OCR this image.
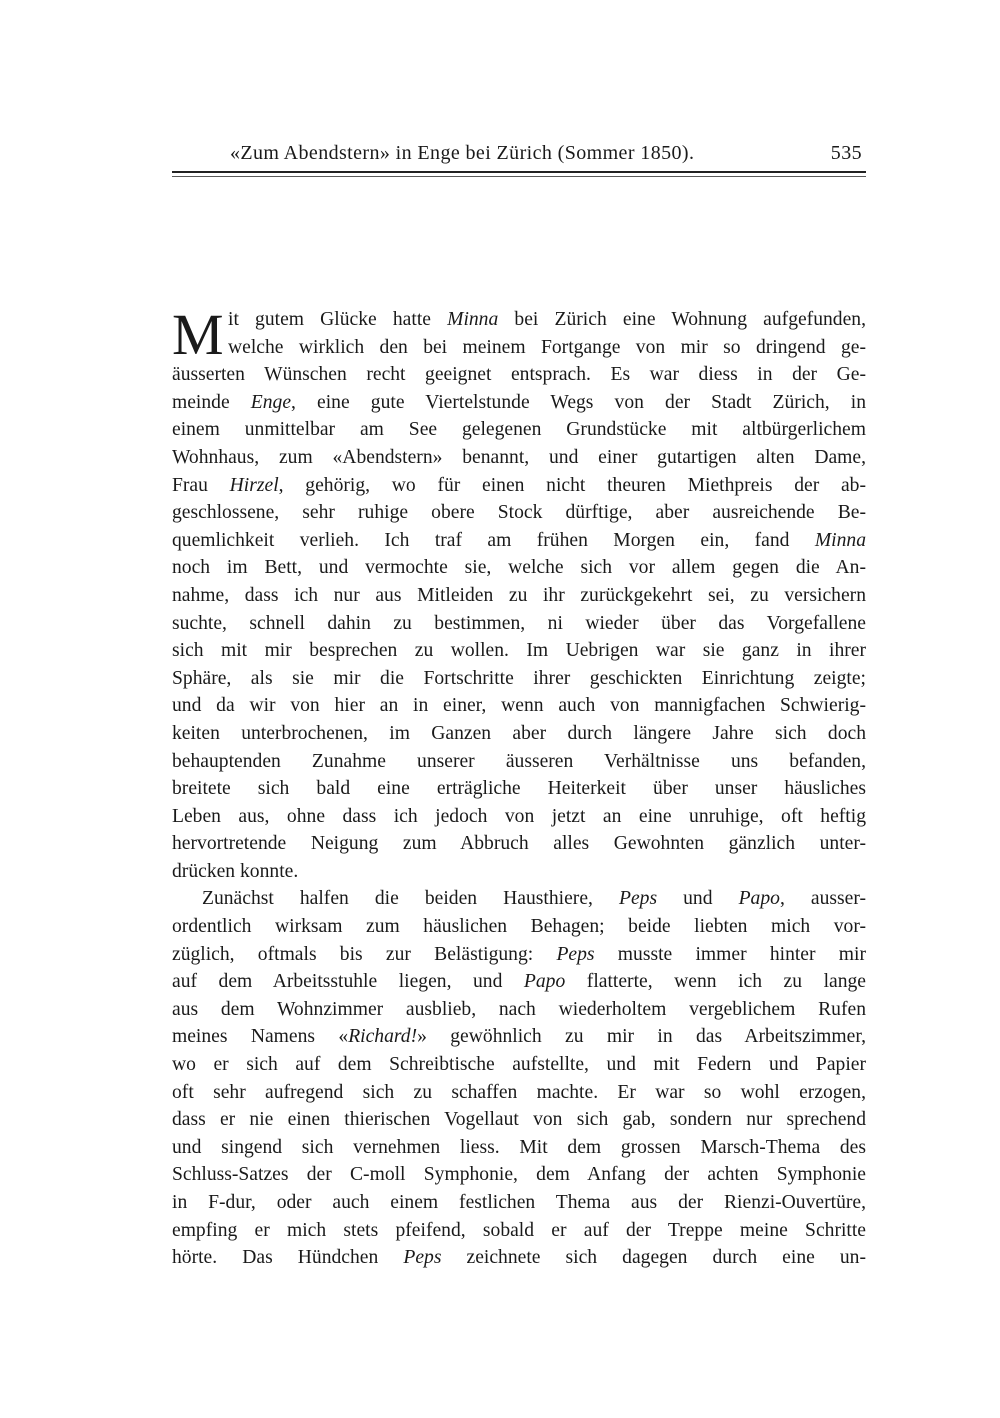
«Zum Abendstern» in Enge bei Zürich (Sommer 1850).	535
M it gutem Glücke hatte Minna bei Zürich eine Wohnung aufgefunden,
welche wirklich den bei meinem Fortgange von mir so dringend ge-
äusserten Wünschen recht geeignet entsprach. Es war diess in der Ge-
meinde Enge, eine gute Viertelstunde Wegs von der Stadt Zürich, in
einem unmittelbar am See gelegenen Grundstücke mit altbürgerlichem
Wohnhaus, zum «Abendstern» benannt, und einer gutartigen alten Dame,
Frau Hirzel, gehörig, wo für einen nicht theuren Miethpreis der ab-
geschlossene, sehr ruhige obere Stock dürftige, aber ausreichende Be-
quemlichkeit verlieh. Ich traf am frühen Morgen ein, fand Minna
noch im Bett, und vermochte sie, welche sich vor allem gegen die An-
nahme, dass ich nur aus Mitleiden zu ihr zurückgekehrt sei, zu versichern
suchte, schnell dahin zu bestimmen, ni wieder über das Vorgefallene
sich mit mir besprechen zu wollen. Im Uebrigen war sie ganz in ihrer
Sphäre, als sie mir die Fortschritte ihrer geschickten Einrichtung zeigte;
und da wir von hier an in einer, wenn auch von mannigfachen Schwierig-
keiten unterbrochenen, im Ganzen aber durch längere Jahre sich doch
behauptenden Zunahme unserer äusseren Verhältnisse uns befanden,
breitete sich bald eine erträgliche Heiterkeit über unser häusliches
Leben aus, ohne dass ich jedoch von jetzt an eine unruhige, oft heftig
hervortretende Neigung zum Abbruch alles Gewohnten gänzlich unter-
drücken konnte.
Zunächst halfen die beiden Hausthiere, Peps und Papo, ausser-
ordentlich wirksam zum häuslichen Behagen; beide liebten mich vor-
züglich, oftmals bis zur Belästigung: Peps musste immer hinter mir
auf dem Arbeitsstuhle liegen, und Papo flatterte, wenn ich zu lange
aus dem Wohnzimmer ausblieb, nach wiederholtem vergeblichem Rufen
meines Namens «Richard!» gewöhnlich zu mir in das Arbeitszimmer,
wo er sich auf dem Schreibtische aufstellte, und mit Federn und Papier
oft sehr aufregend sich zu schaffen machte. Er war so wohl erzogen,
dass er nie einen thierischen Vogellaut von sich gab, sondern nur sprechend
und singend sich vernehmen liess. Mit dem grossen Marsch-Thema des
Schluss-Satzes der C-moll Symphonie, dem Anfang der achten Symphonie
in F-dur, oder auch einem festlichen Thema aus der Rienzi-Ouvertüre,
empfing er mich stets pfeifend, sobald er auf der Treppe meine Schritte
hörte. Das Hündchen Peps zeichnete sich dagegen durch eine un-
